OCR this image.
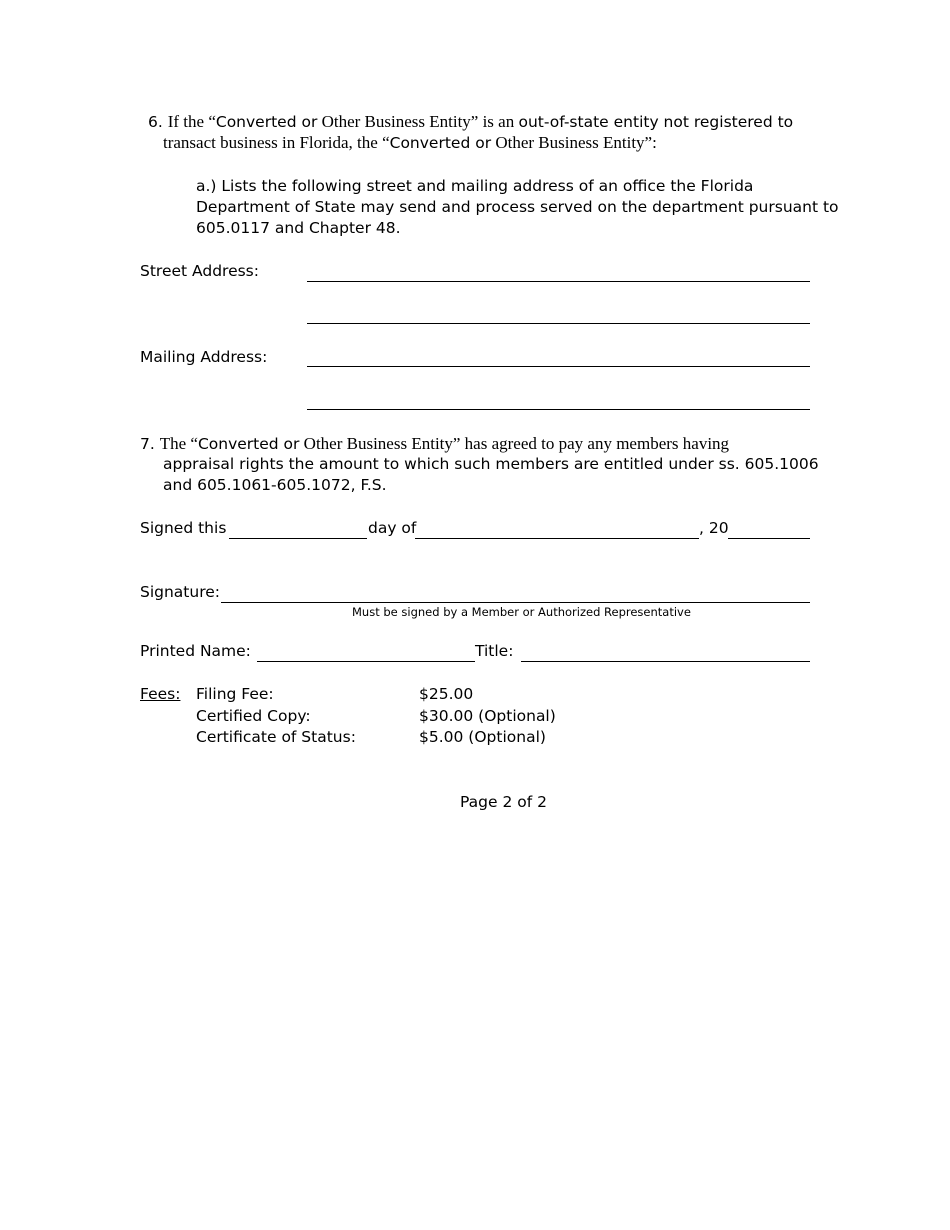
6. If the “Converted or Other Business Entity” is an out-of-state entity not registered to
transact business in Florida, the “Converted or Other Business Entity”:
a.) Lists the following street and mailing address of an office the Florida
Department of State may send and process served on the department pursuant to
605.0117 and Chapter 48.
Street Address:
Mailing Address:
7. The “Converted or Other Business Entity” has agreed to pay any members having
appraisal rights the amount to which such members are entitled under ss. 605.1006
and 605.1061-605.1072, F.S.
Signed this	day of	, 20
Signature:
Must be signed by a Member or Authorized Representative
Printed Name:	Title:
Fees: Filing Fee:	$25.00
Certified Copy:	$30.00 (Optional)
Certificate of Status:	$5.00 (Optional)
Page 2 of 2
